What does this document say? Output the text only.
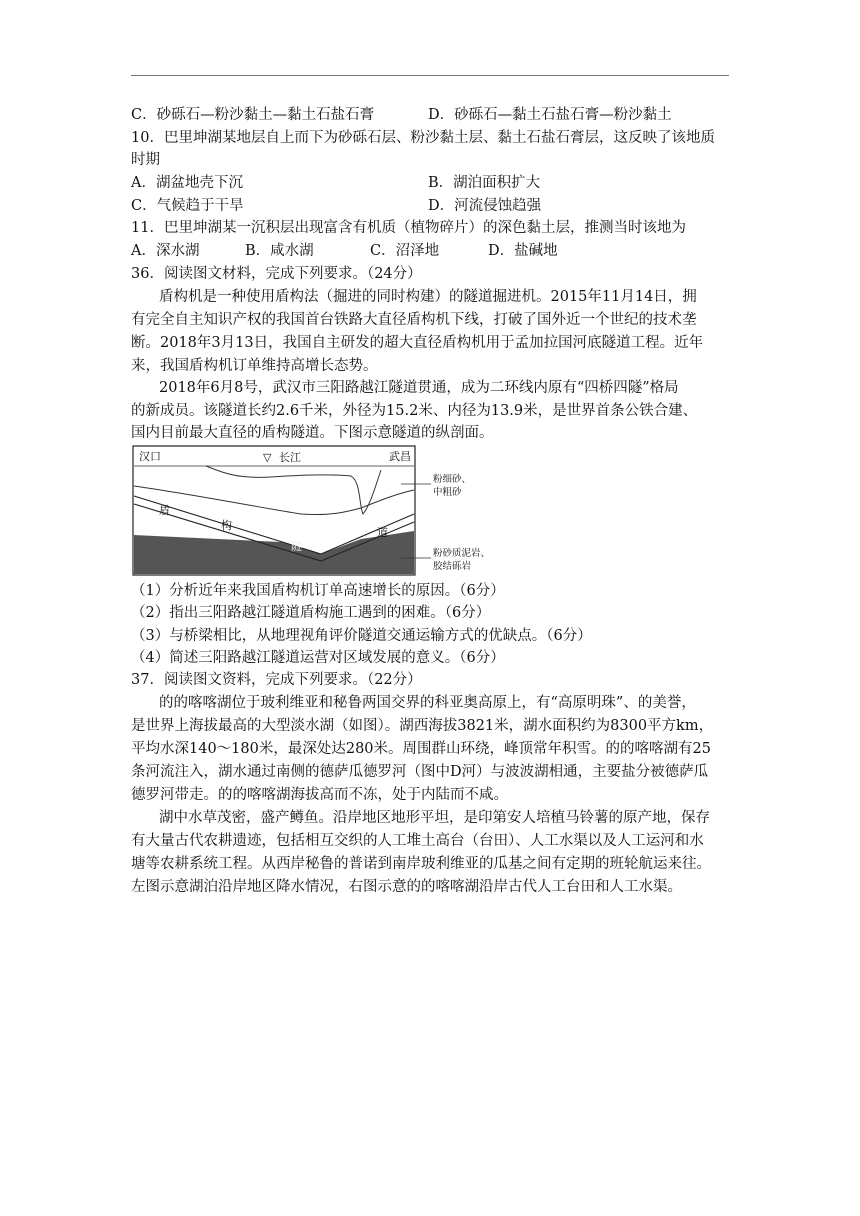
C．砂砾石—粉沙黏土—黏土石盐石膏	D．砂砾石—黏土石盐石膏—粉沙黏土
10．巴里坤湖某地层自上而下为砂砾石层、粉沙黏土层、黏土石盐石膏层，这反映了该地质
时期
A．湖盆地壳下沉	B．湖泊面积扩大
C．气候趋于干旱	D．河流侵蚀趋强
11．巴里坤湖某一沉积层出现富含有机质（植物碎片）的深色黏土层，推测当时该地为
A．深水湖	B．咸水湖	C．沼泽地	D．盐碱地
36．阅读图文材料，完成下列要求。（24分）
盾构机是一种使用盾构法（掘进的同时构建）的隧道掘进机。2015年11月14日，拥
有完全自主知识产权的我国首台铁路大直径盾构机下线，打破了国外近一个世纪的技术垄
断。2018年3月13日，我国自主研发的超大直径盾构机用于孟加拉国河底隧道工程。近年
来，我国盾构机订单维持高增长态势。
2018年6月8号，武汉市三阳路越江隧道贯通，成为二环线内原有“四桥四隧”格局
的新成员。该隧道长约2.6千米，外径为15.2米、内径为13.9米，是世界首条公铁合建、
国内目前最大直径的盾构隧道。下图示意隧道的纵剖面。
汉口	▽ 长江	武昌
盾
构
隧
道
粉细砂、
中粗砂
粉砂质泥岩、
胶结砾岩
（1）分析近年来我国盾构机订单高速增长的原因。（6分）
（2）指出三阳路越江隧道盾构施工遇到的困难。（6分）
（3）与桥梁相比，从地理视角评价隧道交通运输方式的优缺点。（6分）
（4）简述三阳路越江隧道运营对区域发展的意义。（6分）
37．阅读图文资料，完成下列要求。（22分）
的的喀喀湖位于玻利维亚和秘鲁两国交界的科亚奥高原上，有“高原明珠”、的美誉，
是世界上海拔最高的大型淡水湖（如图）。湖西海拔3821米，湖水面积约为8300平方km，
平均水深140～180米，最深处达280米。周围群山环绕，峰顶常年积雪。的的喀喀湖有25
条河流注入，湖水通过南侧的德萨瓜德罗河（图中D河）与波波湖相通，主要盐分被德萨瓜
德罗河带走。的的喀喀湖海拔高而不冻，处于内陆而不咸。
湖中水草茂密，盛产鳟鱼。沿岸地区地形平坦，是印第安人培植马铃薯的原产地，保存
有大量古代农耕遗迹，包括相互交织的人工堆土高台（台田）、人工水渠以及人工运河和水
塘等农耕系统工程。从西岸秘鲁的普诺到南岸玻利维亚的瓜基之间有定期的班轮航运来往。
左图示意湖泊沿岸地区降水情况，右图示意的的喀喀湖沿岸古代人工台田和人工水渠。
